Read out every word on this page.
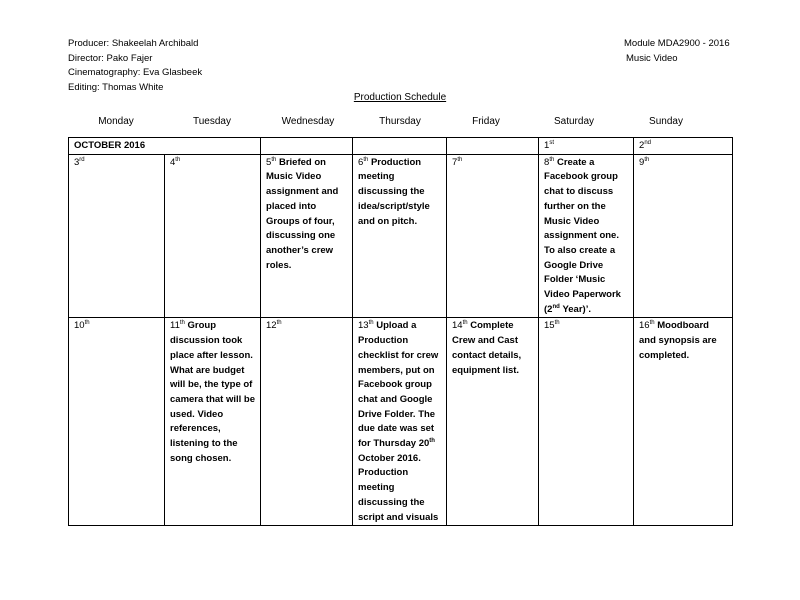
Producer: Shakeelah Archibald
Director: Pako Fajer
Cinematography: Eva Glasbeek
Editing: Thomas White
Module MDA2900 - 2016
Music Video
Production Schedule
Monday	Tuesday	Wednesday	Thursday	Friday	Saturday	Sunday
OCTOBER 2016					1st	2nd
3rd	4th	5th Briefed on Music Video assignment and placed into Groups of four, discussing one another’s crew roles.	6th Production meeting discussing the idea/script/style and on pitch.	7th	8th Create a Facebook group chat to discuss further on the Music Video assignment one. To also create a Google Drive Folder ‘Music Video Paperwork (2nd Year)’.	9th
10th	11th Group discussion took place after lesson. What are budget will be, the type of camera that will be used. Video references, listening to the song chosen.	12th	13th Upload a Production checklist for crew members, put on Facebook group chat and Google Drive Folder. The due date was set for Thursday 20th October 2016. Production meeting discussing the script and visuals	14th Complete Crew and Cast contact details, equipment list.	15th	16th Moodboard and synopsis are completed.
